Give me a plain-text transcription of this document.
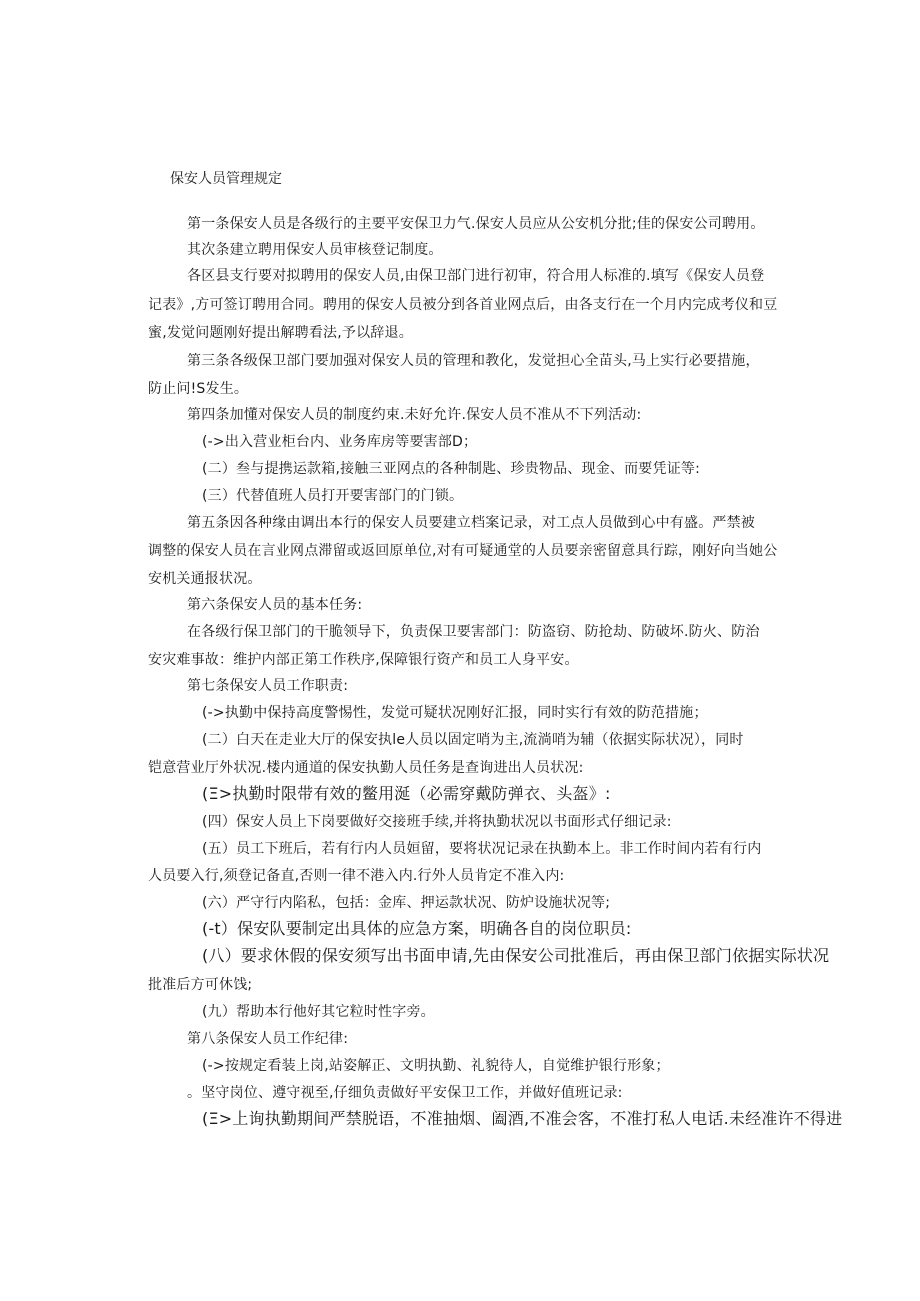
保安人员管理规定
第一条保安人员是各级行的主要平安保卫力气.保安人员应从公安机分批;佳的保安公司聘用。
其次条建立聘用保安人员审核登记制度。
各区县支行要对拟聘用的保安人员,由保卫部门进行初审，符合用人标准的.填写《保安人员登
记表》,方可签订聘用合同。聘用的保安人员被分到各首业网点后，由各支行在一个月内完成考仪和豆
蜜,发觉问题刚好提出解聘看法,予以辞退。
第三条各级保卫部门要加强对保安人员的管理和教化，发觉担心全苗头,马上实行必要措施，
防止问!S发生。
第四条加懂对保安人员的制度约束.未好允许.保安人员不准从不下列活动:
(->出入营业柜台内、业务库房等要害部D；
(二）叁与提携运款箱,接触三亚网点的各种制匙、珍贵物品、现金、而要凭证等:
(三）代替值班人员打开要害部门的门锁。
第五条因各种缘由调出本行的保安人员要建立档案记录，对工点人员做到心中有盛。严禁被
调整的保安人员在言业网点滞留或返回原单位,对有可疑通堂的人员要亲密留意具行踪，刚好向当她公
安机关通报状况。
第六条保安人员的基本任务:
在各级行保卫部门的干脆领导下，负责保卫要害部门：防盗窃、防抢劫、防破坏.防火、防治
安灾难事故：维护内部正第工作秩序,保障银行资产和员工人身平安。
第七条保安人员工作职责:
(->执勤中保持高度警惕性，发觉可疑状况刚好汇报，同时实行有效的防范措施；
(二）白天在走业大厅的保安执le人员以固定哨为主,流淌哨为辅（依据实际状况），同时
铠意营业厅外状况.楼内通道的保安执勤人员任务是查询进出人员状况:
(Ξ>执勤时限带有效的鳖用涎（必需穿戴防弹衣、头盔》:
(四）保安人员上下岗要做好交接班手续,并将执勤状况以书面形式仔细记录:
(五）员工下班后，若有行内人员姮留，要将状况记录在执勤本上。非工作时间内若有行内
人员要入行,须登记备直,否则一律不港入内.行外人员肯定不准入内:
(六）严守行内陷私，包括：金库、押运款状况、防炉设施状况等;
(-t）保安队要制定出具体的应急方案，明确各自的岗位职员:
(八）要求休假的保安须写出书面申请,先由保安公司批准后，再由保卫部门依据实际状况
批准后方可休饯;
(九）帮助本行他好其它粒时性字旁。
第八条保安人员工作纪律:
(->按规定看装上岗,站姿解正、文明执勤、礼貌待人，自觉维护银行形象；
。坚守岗位、遵守视至,仔细负责做好平安保卫工作，并做好值班记录:
(Ξ>上询执勤期间严禁脱语，不准抽烟、阖酒,不准会客，不准打私人电话.未经准许不得进
